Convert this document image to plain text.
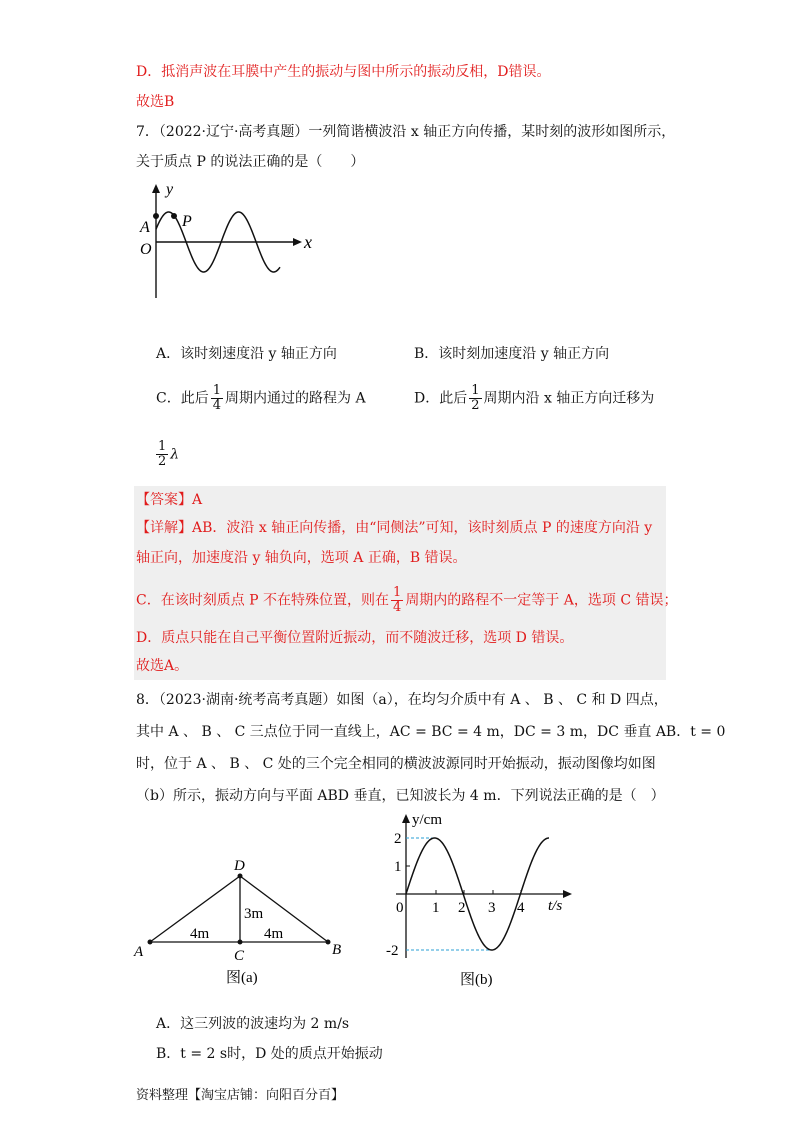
D．抵消声波在耳膜中产生的振动与图中所示的振动反相，D错误。
故选B
7．（2022·辽宁·高考真题）一列简谐横波沿 x 轴正方向传播，某时刻的波形如图所示，
关于质点 P 的说法正确的是（　　）
y
x
O
A P
A．该时刻速度沿 y 轴正方向	B．该时刻加速度沿 y 轴正方向
C．此后 $\frac{1}{4}$ 周期内通过的路程为 A	D．此后 $\frac{1}{2}$ 周期内沿 x 轴正方向迁移为
$\frac{1}{2}$ λ
【答案】A
【详解】AB．波沿 x 轴正向传播，由“同侧法”可知，该时刻质点 P 的速度方向沿 y
轴正向，加速度沿 y 轴负向，选项 A 正确，B 错误。
C．在该时刻质点 P 不在特殊位置，则在 $\frac{1}{4}$ 周期内的路程不一定等于 A，选项 C 错误；
D．质点只能在自己平衡位置附近振动，而不随波迁移，选项 D 错误。
故选A。
8．（2023·湖南·统考高考真题）如图（a），在均匀介质中有 A 、 B 、 C 和 D 四点，
其中 A 、 B 、 C 三点位于同一直线上，AC = BC = 4 m，DC = 3 m，DC 垂直 AB．t = 0
时，位于 A 、 B 、 C 处的三个完全相同的横波波源同时开始振动，振动图像均如图
（b）所示，振动方向与平面 ABD 垂直，已知波长为 4 m．下列说法正确的是（　）
A	B
C
D
4m	4m
3m
图(a)
y/cm
t/s
2
1
-2
0 1 2 3 4
图(b)
A．这三列波的波速均为 2 m/s
B．t = 2 s时，D 处的质点开始振动
资料整理【淘宝店铺：向阳百分百】
